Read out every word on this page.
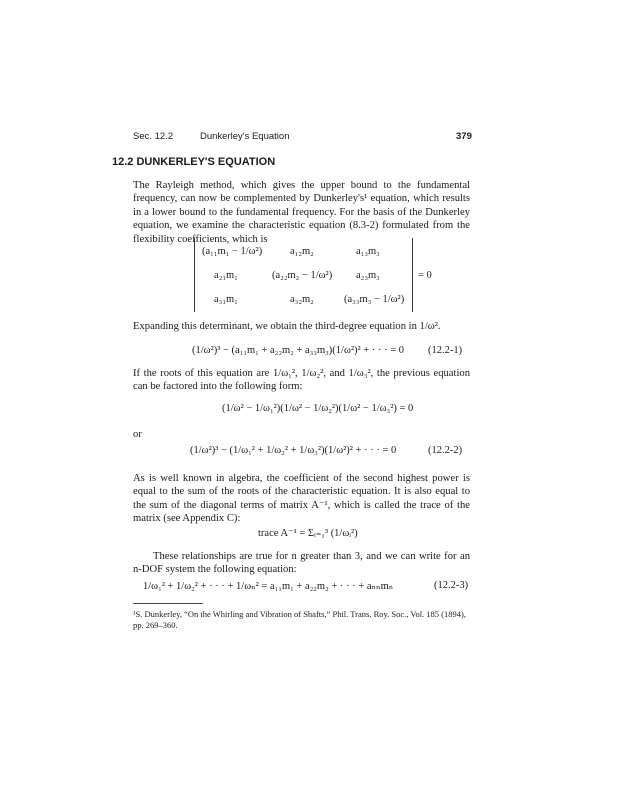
Sec. 12.2	Dunkerley's Equation	379
12.2 DUNKERLEY'S EQUATION
The Rayleigh method, which gives the upper bound to the fundamental frequency, can now be complemented by Dunkerley's¹ equation, which results in a lower bound to the fundamental frequency. For the basis of the Dunkerley equation, we examine the characteristic equation (8.3-2) formulated from the flexibility coefficients, which is
(a₁₁m₁ − 1/ω²)	a₁₂m₂	a₁₃m₃
a₂₁m₁	(a₂₂m₂ − 1/ω²) a₂₃m₃
a₃₁m₁	a₃₂m₂	(a₃₃m₃ − 1/ω²)
= 0
Expanding this determinant, we obtain the third-degree equation in 1/ω².
(1/ω²)³ − (a₁₁m₁ + a₂₂m₂ + a₃₃m₃)(1/ω²)² + · · · = 0 (12.2-1)
If the roots of this equation are 1/ω₁², 1/ω₂², and 1/ω₃², the previous equation can be factored into the following form:
(1/ω² − 1/ω₁²)(1/ω² − 1/ω₂²)(1/ω² − 1/ω₃²) = 0
or
(1/ω²)³ − (1/ω₁² + 1/ω₂² + 1/ω₃²)(1/ω²)² + · · · = 0	(12.2-2)
As is well known in algebra, the coefficient of the second highest power is equal to the sum of the roots of the characteristic equation. It is also equal to the sum of the diagonal terms of matrix A⁻¹, which is called the trace of the matrix (see Appendix C):
trace A⁻¹ = Σᵢ₌₁³ (1/ωᵢ²)
These relationships are true for n greater than 3, and we can write for an n-DOF system the following equation:
1/ω₁² + 1/ω₂² + · · · + 1/ωₙ² = a₁₁m₁ + a₂₂m₂ + · · · + aₙₙmₙ	(12.2-3)
¹S. Dunkerley, “On the Whirling and Vibration of Shafts,” Phil. Trans. Roy. Soc., Vol. 185 (1894), pp. 269–360.
